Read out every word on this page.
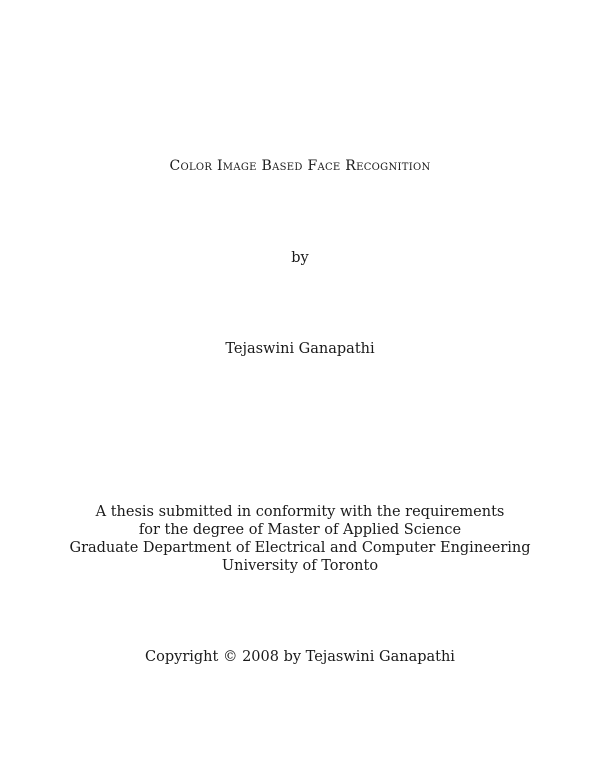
Color Image Based Face Recognition
by
Tejaswini Ganapathi
A thesis submitted in conformity with the requirements
for the degree of Master of Applied Science
Graduate Department of Electrical and Computer Engineering
University of Toronto
Copyright © 2008 by Tejaswini Ganapathi
